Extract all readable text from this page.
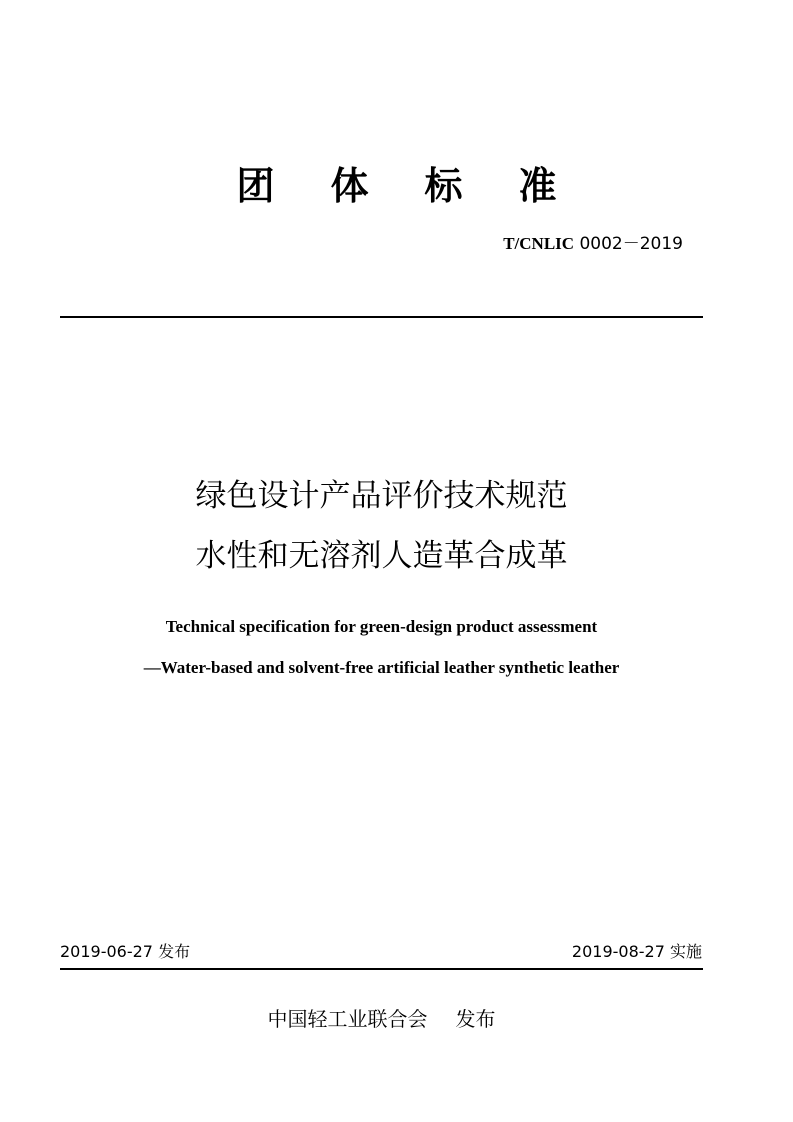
团 体 标 准
T/CNLIC 0002－2019
绿色设计产品评价技术规范
水性和无溶剂人造革合成革
Technical specification for green-design product assessment
—Water-based and solvent-free artificial leather synthetic leather
2019-06-27 发布	2019-08-27 实施
中国轻工业联合会 发布
